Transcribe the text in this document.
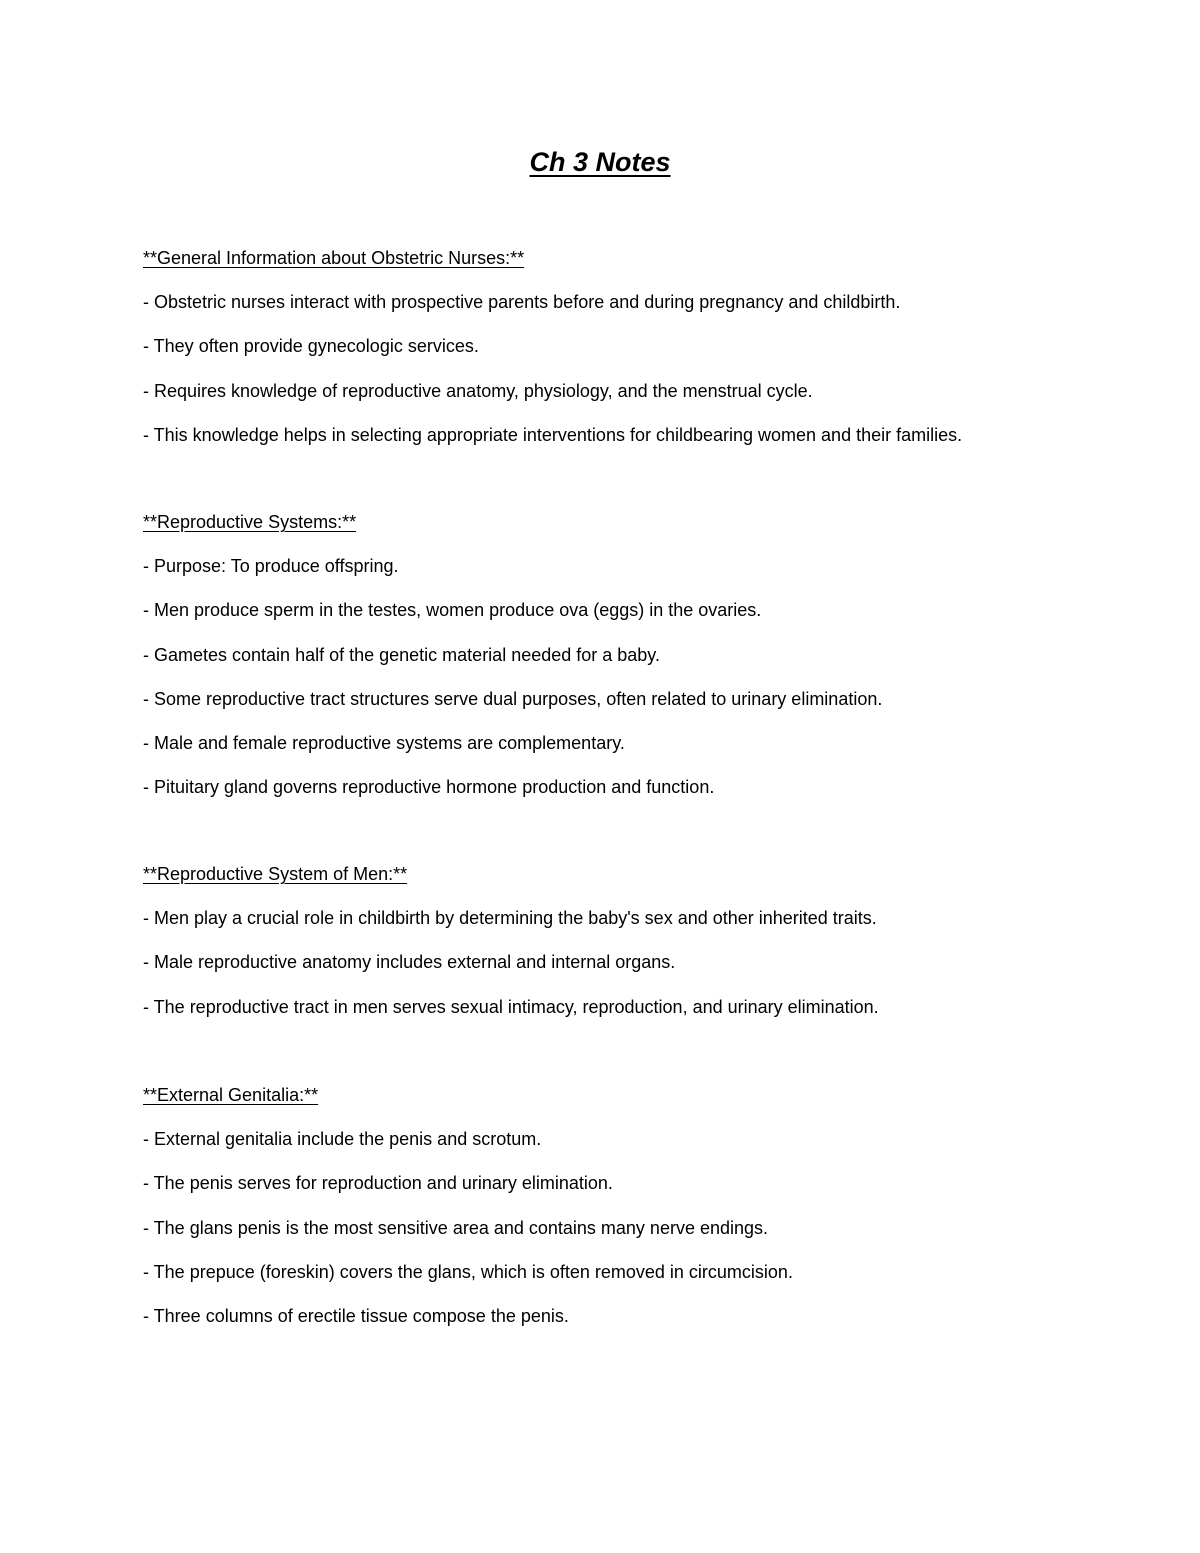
Ch 3 Notes
**General Information about Obstetric Nurses:**
- Obstetric nurses interact with prospective parents before and during pregnancy and childbirth.
- They often provide gynecologic services.
- Requires knowledge of reproductive anatomy, physiology, and the menstrual cycle.
- This knowledge helps in selecting appropriate interventions for childbearing women and their families.
**Reproductive Systems:**
- Purpose: To produce offspring.
- Men produce sperm in the testes, women produce ova (eggs) in the ovaries.
- Gametes contain half of the genetic material needed for a baby.
- Some reproductive tract structures serve dual purposes, often related to urinary elimination.
- Male and female reproductive systems are complementary.
- Pituitary gland governs reproductive hormone production and function.
**Reproductive System of Men:**
- Men play a crucial role in childbirth by determining the baby's sex and other inherited traits.
- Male reproductive anatomy includes external and internal organs.
- The reproductive tract in men serves sexual intimacy, reproduction, and urinary elimination.
**External Genitalia:**
- External genitalia include the penis and scrotum.
- The penis serves for reproduction and urinary elimination.
- The glans penis is the most sensitive area and contains many nerve endings.
- The prepuce (foreskin) covers the glans, which is often removed in circumcision.
- Three columns of erectile tissue compose the penis.
